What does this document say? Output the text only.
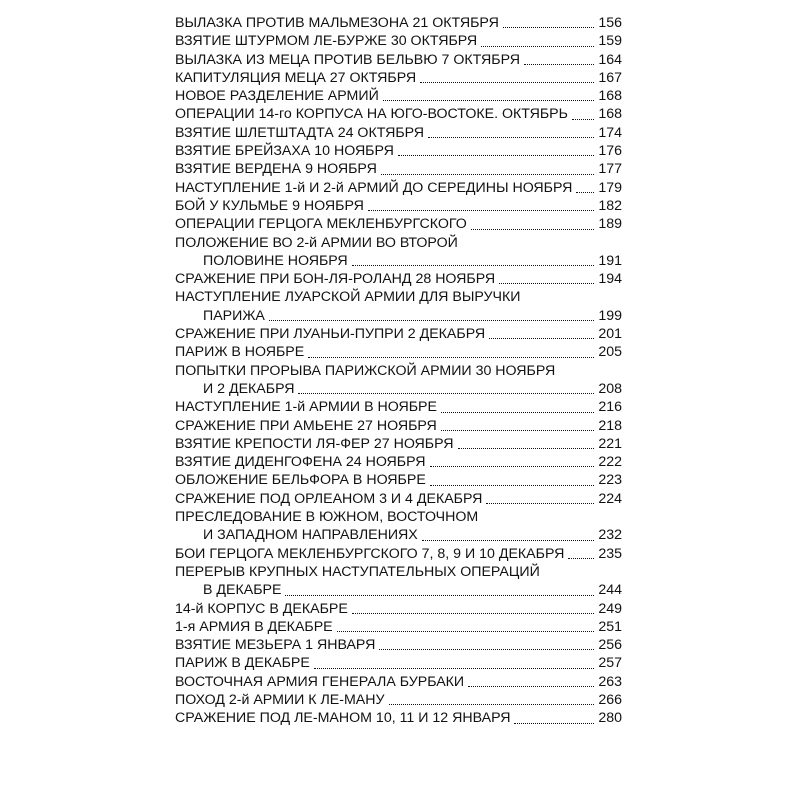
ВЫЛАЗКА ПРОТИВ МАЛЬМЕЗОНА 21 ОКТЯБРЯ	156
ВЗЯТИЕ ШТУРМОМ ЛЕ-БУРЖЕ 30 ОКТЯБРЯ	159
ВЫЛАЗКА ИЗ МЕЦА ПРОТИВ БЕЛЬВЮ 7 ОКТЯБРЯ	164
КАПИТУЛЯЦИЯ МЕЦА 27 ОКТЯБРЯ	167
НОВОЕ РАЗДЕЛЕНИЕ АРМИЙ	168
ОПЕРАЦИИ 14-го КОРПУСА НА ЮГО-ВОСТОКЕ. ОКТЯБРЬ 168
ВЗЯТИЕ ШЛЕТШТАДТА 24 ОКТЯБРЯ	174
ВЗЯТИЕ БРЕЙЗАХА 10 НОЯБРЯ	176
ВЗЯТИЕ ВЕРДЕНА 9 НОЯБРЯ	177
НАСТУПЛЕНИЕ 1-й И 2-й АРМИЙ ДО СЕРЕДИНЫ НОЯБРЯ 179
БОЙ У КУЛЬМЬЕ 9 НОЯБРЯ	182
ОПЕРАЦИИ ГЕРЦОГА МЕКЛЕНБУРГСКОГО	189
ПОЛОЖЕНИЕ ВО 2-й АРМИИ ВО ВТОРОЙ
ПОЛОВИНЕ НОЯБРЯ	191
СРАЖЕНИЕ ПРИ БОН-ЛЯ-РОЛАНД 28 НОЯБРЯ	194
НАСТУПЛЕНИЕ ЛУАРСКОЙ АРМИИ ДЛЯ ВЫРУЧКИ
ПАРИЖА	199
СРАЖЕНИЕ ПРИ ЛУАНЬИ-ПУПРИ 2 ДЕКАБРЯ	201
ПАРИЖ В НОЯБРЕ	205
ПОПЫТКИ ПРОРЫВА ПАРИЖСКОЙ АРМИИ 30 НОЯБРЯ
И 2 ДЕКАБРЯ	208
НАСТУПЛЕНИЕ 1-й АРМИИ В НОЯБРЕ	216
СРАЖЕНИЕ ПРИ АМЬЕНЕ 27 НОЯБРЯ	218
ВЗЯТИЕ КРЕПОСТИ ЛЯ-ФЕР 27 НОЯБРЯ	221
ВЗЯТИЕ ДИДЕНГОФЕНА 24 НОЯБРЯ	222
ОБЛОЖЕНИЕ БЕЛЬФОРА В НОЯБРЕ	223
СРАЖЕНИЕ ПОД ОРЛЕАНОМ 3 И 4 ДЕКАБРЯ	224
ПРЕСЛЕДОВАНИЕ В ЮЖНОМ, ВОСТОЧНОМ
И ЗАПАДНОМ НАПРАВЛЕНИЯХ	232
БОИ ГЕРЦОГА МЕКЛЕНБУРГСКОГО 7, 8, 9 И 10 ДЕКАБРЯ 235
ПЕРЕРЫВ КРУПНЫХ НАСТУПАТЕЛЬНЫХ ОПЕРАЦИЙ
В ДЕКАБРЕ	244
14-й КОРПУС В ДЕКАБРЕ	249
1-я АРМИЯ В ДЕКАБРЕ	251
ВЗЯТИЕ МЕЗЬЕРА 1 ЯНВАРЯ	256
ПАРИЖ В ДЕКАБРЕ	257
ВОСТОЧНАЯ АРМИЯ ГЕНЕРАЛА БУРБАКИ	263
ПОХОД 2-й АРМИИ К ЛЕ-МАНУ	266
СРАЖЕНИЕ ПОД ЛЕ-МАНОМ 10, 11 И 12 ЯНВАРЯ	280
